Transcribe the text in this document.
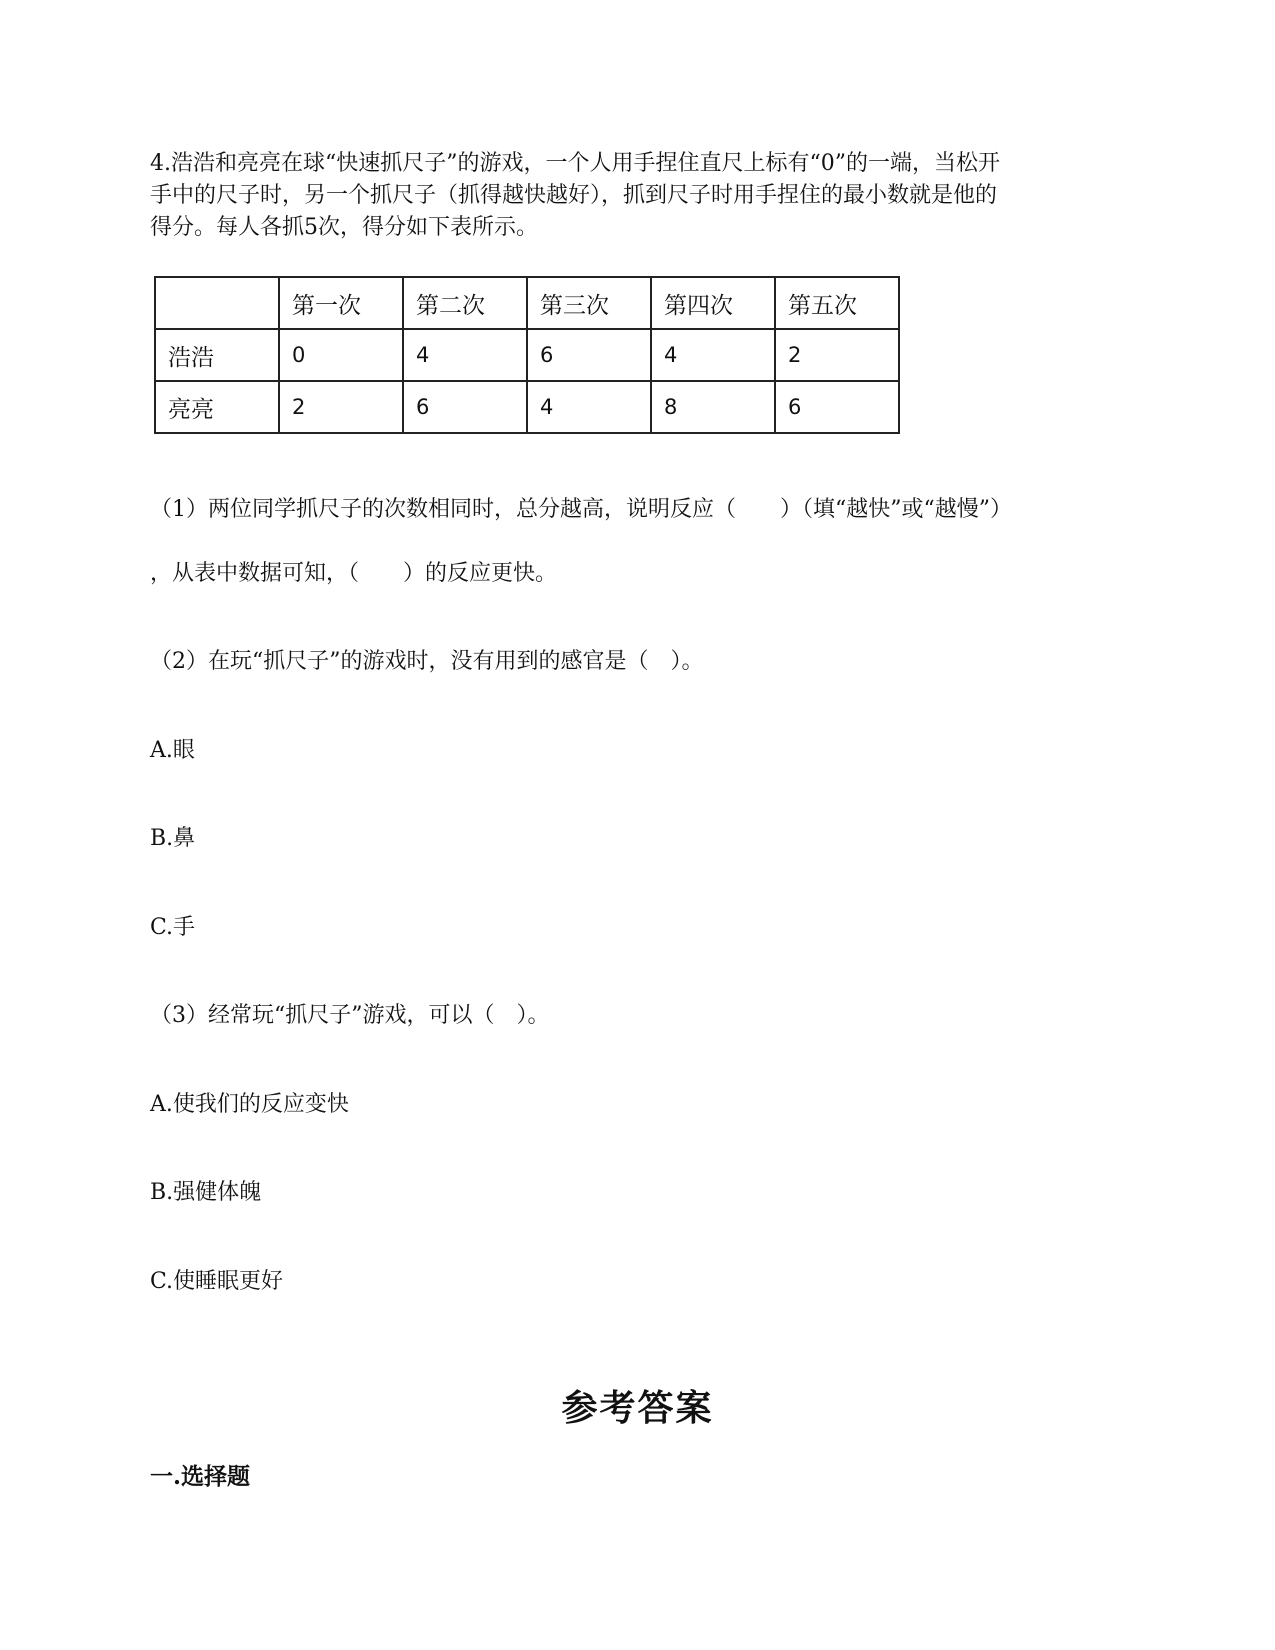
4.浩浩和亮亮在球“快速抓尺子”的游戏，一个人用手捏住直尺上标有“0”的一端，当松开
手中的尺子时，另一个抓尺子（抓得越快越好），抓到尺子时用手捏住的最小数就是他的
得分。每人各抓5次，得分如下表所示。
	第一次	第二次	第三次	第四次	第五次
浩浩	0	4	6	4	2
亮亮	2	6	4	8	6
（1）两位同学抓尺子的次数相同时，总分越高，说明反应（　　）（填“越快”或“越慢”）
，从表中数据可知，（　　）的反应更快。
（2）在玩“抓尺子”的游戏时，没有用到的感官是（　）。
A.眼
B.鼻
C.手
（3）经常玩“抓尺子”游戏，可以（　）。
A.使我们的反应变快
B.强健体魄
C.使睡眠更好
参考答案
一.选择题
